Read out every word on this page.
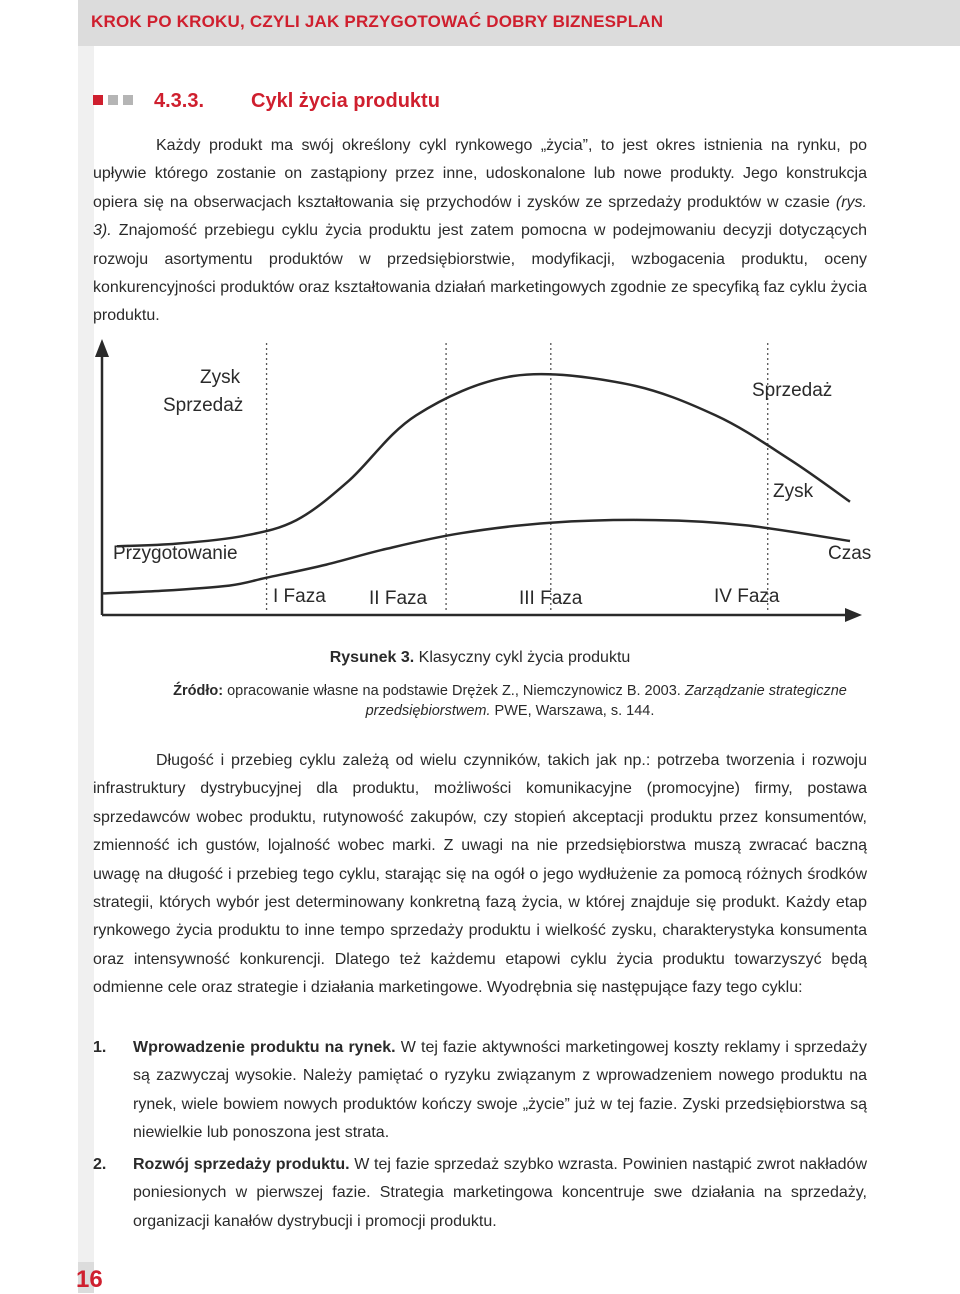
KROK PO KROKU, CZYLI JAK PRZYGOTOWAĆ DOBRY BIZNESPLAN
4.3.3. Cykl życia produktu

Każdy produkt ma swój określony cykl rynkowego „życia”, to jest okres istnienia na rynku, po upływie którego zostanie on zastąpiony przez inne, udoskonalone lub nowe produkty. Jego konstrukcja opiera się na obserwacjach kształtowania się przychodów i zysków ze sprzedaży produktów w czasie (rys. 3). Znajomość przebiegu cyklu życia produktu jest zatem pomocna w podejmowaniu decyzji dotyczących rozwoju asortymentu produktów w przedsiębiorstwie, modyfikacji, wzbogacenia produktu, oceny konkurencyjności produktów oraz kształtowania działań marketingowych zgodnie ze specyfiką faz cyklu życia produktu.

Zysk
Sprzedaż
Sprzedaż
Zysk
Przygotowanie	Czas
I Faza II Faza	III Faza	IV Faza
Rysunek 3. Klasyczny cykl życia produktu
Źródło: opracowanie własne na podstawie Drężek Z., Niemczynowicz B. 2003. Zarządzanie strategiczne przedsiębiorstwem. PWE, Warszawa, s. 144.

Długość i przebieg cyklu zależą od wielu czynników, takich jak np.: potrzeba tworzenia i rozwoju infrastruktury dystrybucyjnej dla produktu, możliwości komunikacyjne (promocyjne) firmy, postawa sprzedawców wobec produktu, rutynowość zakupów, czy stopień akceptacji produktu przez konsumentów, zmienność ich gustów, lojalność wobec marki. Z uwagi na nie przedsiębiorstwa muszą zwracać baczną uwagę na długość i przebieg tego cyklu, starając się na ogół o jego wydłużenie za pomocą różnych środków strategii, których wybór jest determinowany konkretną fazą życia, w której znajduje się produkt. Każdy etap rynkowego życia produktu to inne tempo sprzedaży produktu i wielkość zysku, charakterystyka konsumenta oraz intensywność konkurencji. Dlatego też każdemu etapowi cyklu życia produktu towarzyszyć będą odmienne cele oraz strategie i działania marketingowe. Wyodrębnia się następujące fazy tego cyklu:

1. Wprowadzenie produktu na rynek. W tej fazie aktywności marketingowej koszty reklamy i sprzedaży są zazwyczaj wysokie. Należy pamiętać o ryzyku związanym z wprowadzeniem nowego produktu na rynek, wiele bowiem nowych produktów kończy swoje „życie” już w tej fazie. Zyski przedsiębiorstwa są niewielkie lub ponoszona jest strata.

2. Rozwój sprzedaży produktu. W tej fazie sprzedaż szybko wzrasta. Powinien nastąpić zwrot nakładów poniesionych w pierwszej fazie. Strategia marketingowa koncentruje swe działania na sprzedaży, organizacji kanałów dystrybucji i promocji produktu.

16
